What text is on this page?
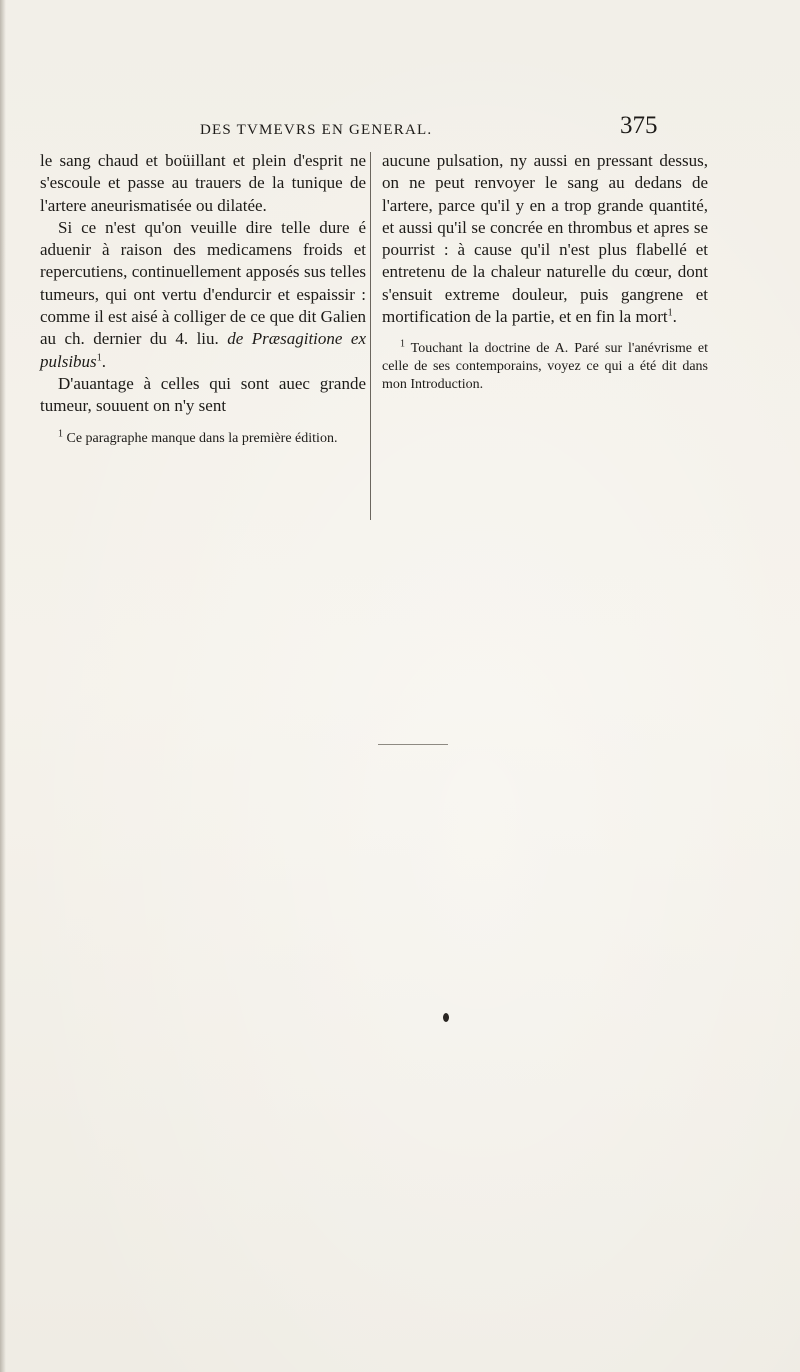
DES TVMEVRS EN GENERAL.	375

le sang chaud et boüillant et plein d'esprit ne s'escoule et passe au trauers de la tunique de l'artere aneurismatisée ou dilatée.

Si ce n'est qu'on veuille dire telle dure é aduenir à raison des medicamens froids et repercutiens, continuellement apposés sus telles tumeurs, qui ont vertu d'endurcir et espaissir : comme il est aisé à colliger de ce que dit Galien au ch. dernier du 4. liu. de Præsagitione ex pulsibus$^1$.

D'auantage à celles qui sont auec grande tumeur, souuent on n'y sent

$^1$ Ce paragraphe manque dans la première édition.

aucune pulsation, ny aussi en pressant dessus, on ne peut renvoyer le sang au dedans de l'artere, parce qu'il y en a trop grande quantité, et aussi qu'il se concrée en thrombus et apres se pourrist : à cause qu'il n'est plus flabellé et entretenu de la chaleur naturelle du cœur, dont s'ensuit extreme douleur, puis gangrene et mortification de la partie, et en fin la mort$^1$.

$^1$ Touchant la doctrine de A. Paré sur l'anévrisme et celle de ses contemporains, voyez ce qui a été dit dans mon Introduction.
